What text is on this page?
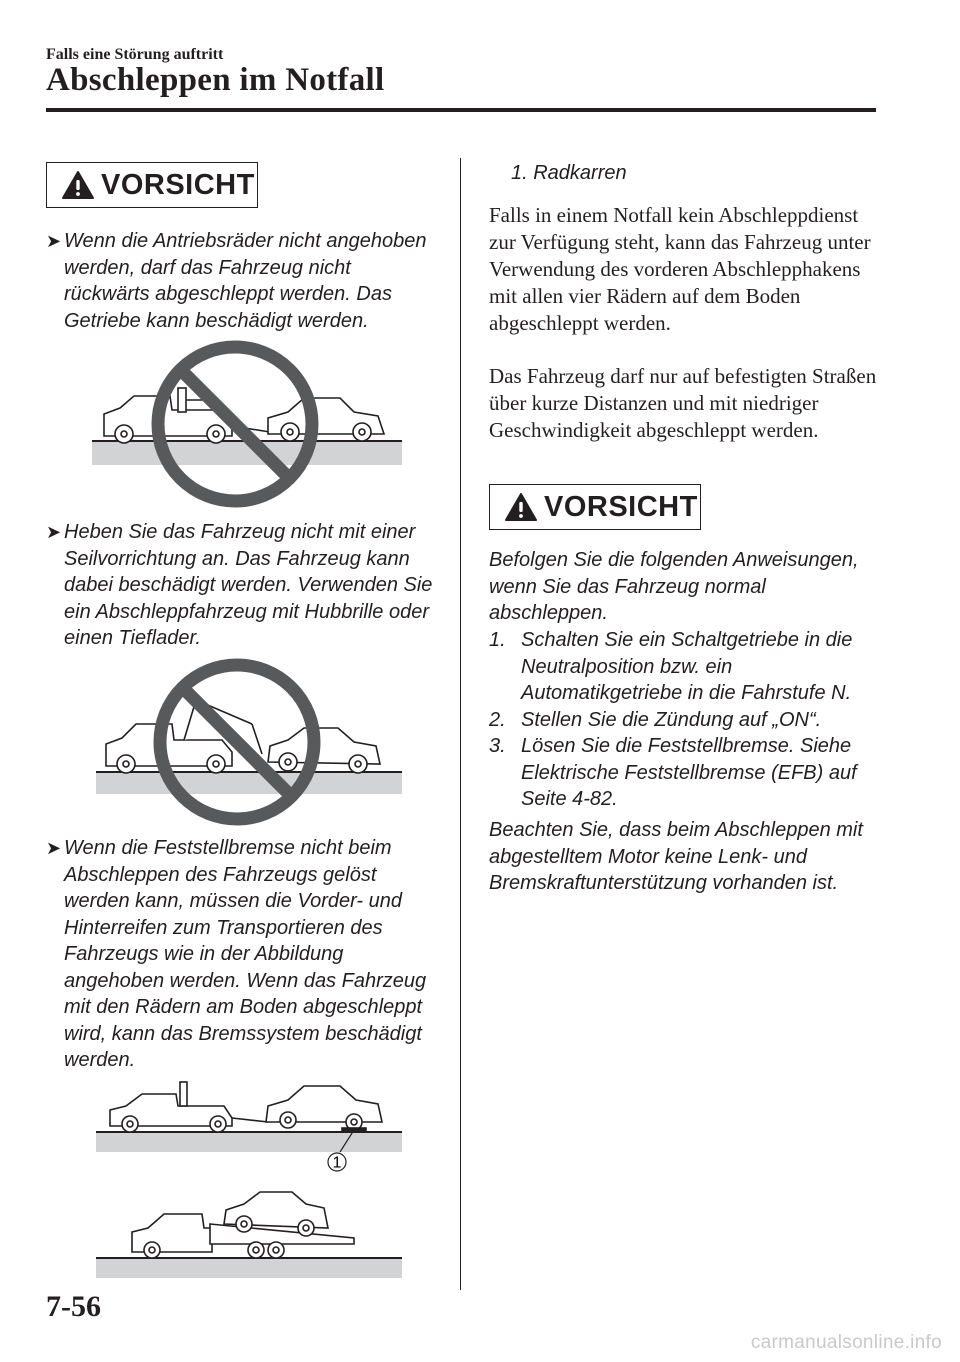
Falls eine Störung auftritt
Abschleppen im Notfall
VORSICHT
➤ Wenn die Antriebsräder nicht angehoben werden, darf das Fahrzeug nicht rückwärts abgeschleppt werden. Das Getriebe kann beschädigt werden.
➤ Heben Sie das Fahrzeug nicht mit einer Seilvorrichtung an. Das Fahrzeug kann dabei beschädigt werden. Verwenden Sie ein Abschleppfahrzeug mit Hubbrille oder einen Tieflader.
➤ Wenn die Feststellbremse nicht beim Abschleppen des Fahrzeugs gelöst werden kann, müssen die Vorder- und Hinterreifen zum Transportieren des Fahrzeugs wie in der Abbildung angehoben werden. Wenn das Fahrzeug mit den Rädern am Boden abgeschleppt wird, kann das Bremssystem beschädigt werden.
1
1. Radkarren
Falls in einem Notfall kein Abschleppdienst zur Verfügung steht, kann das Fahrzeug unter Verwendung des vorderen Abschlepphakens mit allen vier Rädern auf dem Boden abgeschleppt werden.
Das Fahrzeug darf nur auf befestigten Straßen über kurze Distanzen und mit niedriger Geschwindigkeit abgeschleppt werden.
VORSICHT
Befolgen Sie die folgenden Anweisungen, wenn Sie das Fahrzeug normal abschleppen.
1. Schalten Sie ein Schaltgetriebe in die Neutralposition bzw. ein Automatikgetriebe in die Fahrstufe N.
2. Stellen Sie die Zündung auf „ON“.
3. Lösen Sie die Feststellbremse. Siehe Elektrische Feststellbremse (EFB) auf Seite 4-82.
Beachten Sie, dass beim Abschleppen mit abgestelltem Motor keine Lenk- und Bremskraftunterstützung vorhanden ist.
7-56
carmanualsonline.info
